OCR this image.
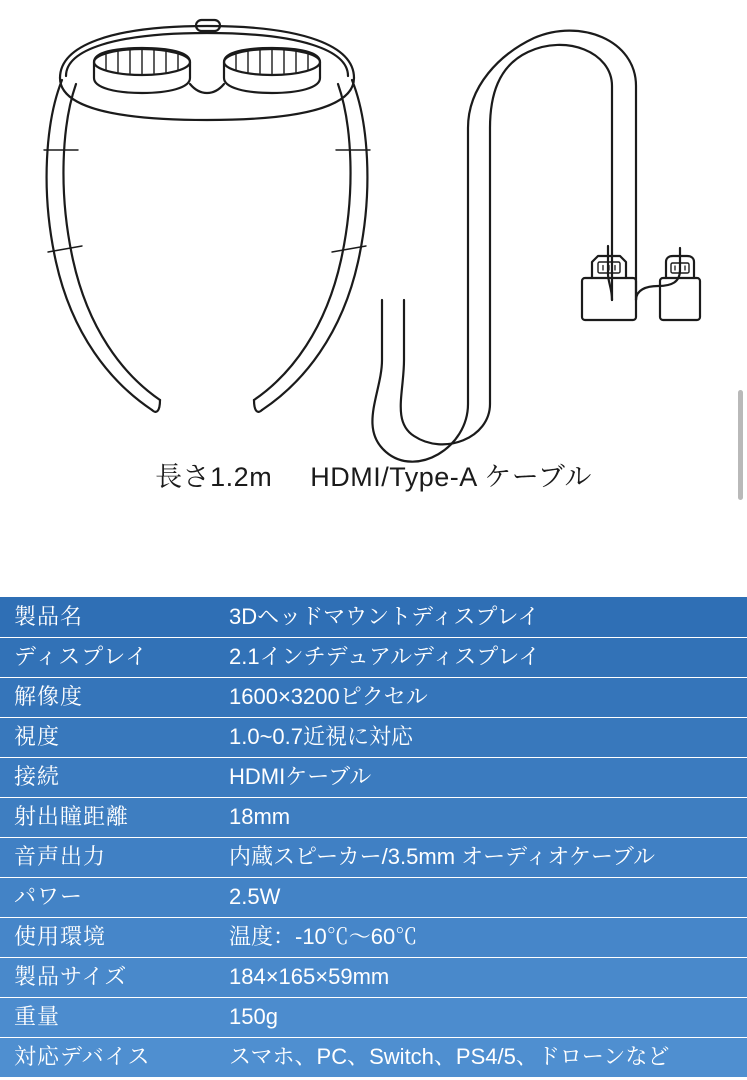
長さ1.2m HDMI/Type-A ケーブル
製品名	3Dヘッドマウントディスプレイ
ディスプレイ	2.1インチデュアルディスプレイ
解像度	1600×3200ピクセル
視度	1.0~0.7近視に対応
接続	HDMIケーブル
射出瞳距離	18mm
音声出力	内蔵スピーカー/3.5mm オーディオケーブル
パワー	2.5W
使用環境	温度：-10℃〜60℃
製品サイズ	184×165×59mm
重量	150g
対応デバイス	スマホ、PC、Switch、PS4/5、ドローンなど
